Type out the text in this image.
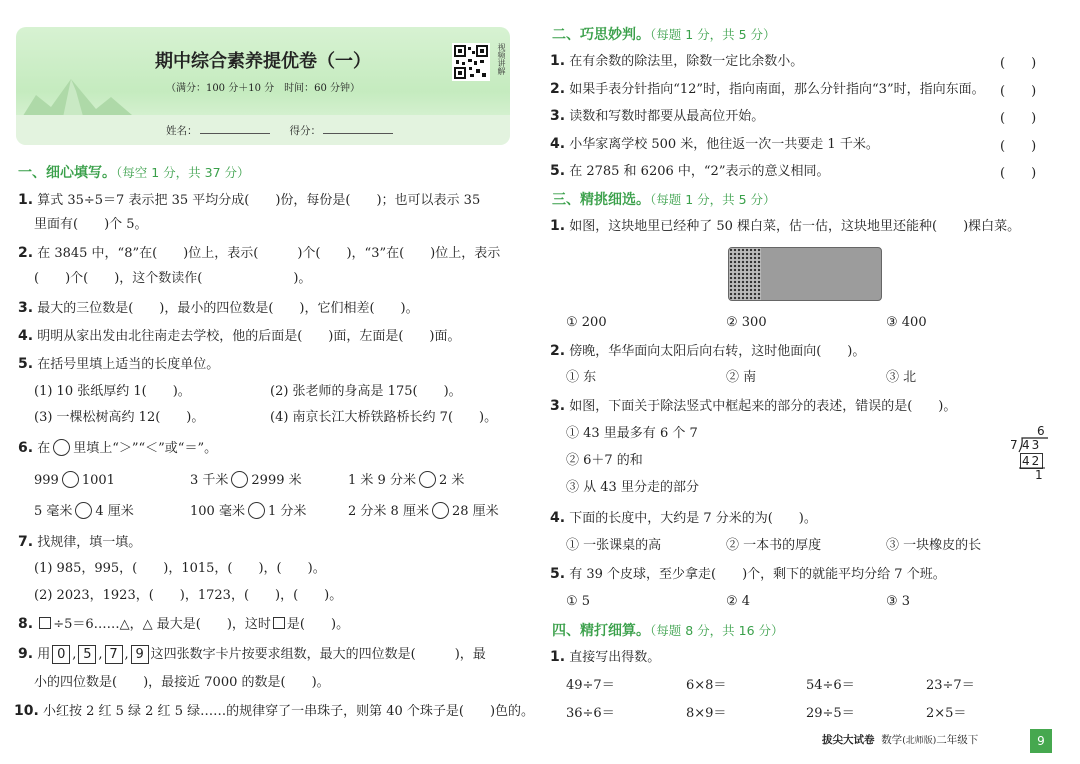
期中综合素养提优卷（一）
（满分：100 分＋10 分　时间：60 分钟）
视频讲解
姓名：	得分：
一、细心填写。（每空 1 分，共 37 分）
1. 算式 35÷5＝7 表示把 35 平均分成(　　)份，每份是(　　)；也可以表示 35
里面有(　　)个 5。
2. 在 3845 中，“8”在(　　)位上，表示(　　　)个(　　)，“3”在(　　)位上，表示
(　　)个(　　)，这个数读作(　　　　　　　)。
3. 最大的三位数是(　　)，最小的四位数是(　　)，它们相差(　　)。
4. 明明从家出发由北往南走去学校，他的后面是(　　)面，左面是(　　)面。
5. 在括号里填上适当的长度单位。
(1) 10 张纸厚约 1(　　)。	(2) 张老师的身高是 175(　　)。
(3) 一棵松树高约 12(　　)。	(4) 南京长江大桥铁路桥长约 7(　　)。
6. 在 里填上“＞”“＜”或“＝”。
999 1001	3 千米 2999 米	1 米 9 分米 2 米
5 毫米 4 厘米	100 毫米 1 分米	2 分米 8 厘米 28 厘米
7. 找规律，填一填。
(1) 985，995，(　　)，1015，(　　)，(　　)。
(2) 2023，1923，(　　)，1723，(　　)，(　　)。
8. ÷5＝6……△，△ 最大是(　　)，这时 是(　　)。
9. 用 0 , 5 , 7 , 9 这四张数字卡片按要求组数，最大的四位数是(　　　)，最
小的四位数是(　　)，最接近 7000 的数是(　　)。
10. 小红按 2 红 5 绿 2 红 5 绿……的规律穿了一串珠子，则第 40 个珠子是(　　)色的。
二、巧思妙判。（每题 1 分，共 5 分）
1. 在有余数的除法里，除数一定比余数小。	(　　)
2. 如果手表分针指向“12”时，指向南面，那么分针指向“3”时，指向东面。 (　　)
3. 读数和写数时都要从最高位开始。	(　　)
4. 小华家离学校 500 米，他往返一次一共要走 1 千米。	(　　)
5. 在 2785 和 6206 中，“2”表示的意义相同。	(　　)
三、精挑细选。（每题 1 分，共 5 分）
1. 如图，这块地里已经种了 50 棵白菜，估一估，这块地里还能种(　　)棵白菜。
① 200	② 300	③ 400
2. 傍晚，华华面向太阳后向右转，这时他面向(　　)。
① 东	② 南	③ 北
3. 如图，下面关于除法竖式中框起来的部分的表述，错误的是(　　)。
① 43 里最多有 6 个 7
② 6＋7 的和
③ 从 43 里分走的部分
6
7 43
42
1
4. 下面的长度中，大约是 7 分米的为(　　)。
① 一张课桌的高	② 一本书的厚度	③ 一块橡皮的长
5. 有 39 个皮球，至少拿走(　　)个，剩下的就能平均分给 7 个班。
① 5	② 4	③ 3
四、精打细算。（每题 8 分，共 16 分）
1. 直接写出得数。
49÷7＝	6×8＝	54÷6＝	23÷7＝
36÷6＝	8×9＝	29÷5＝	2×5＝
拔尖大试卷 数学(北师版)二年级下	9
